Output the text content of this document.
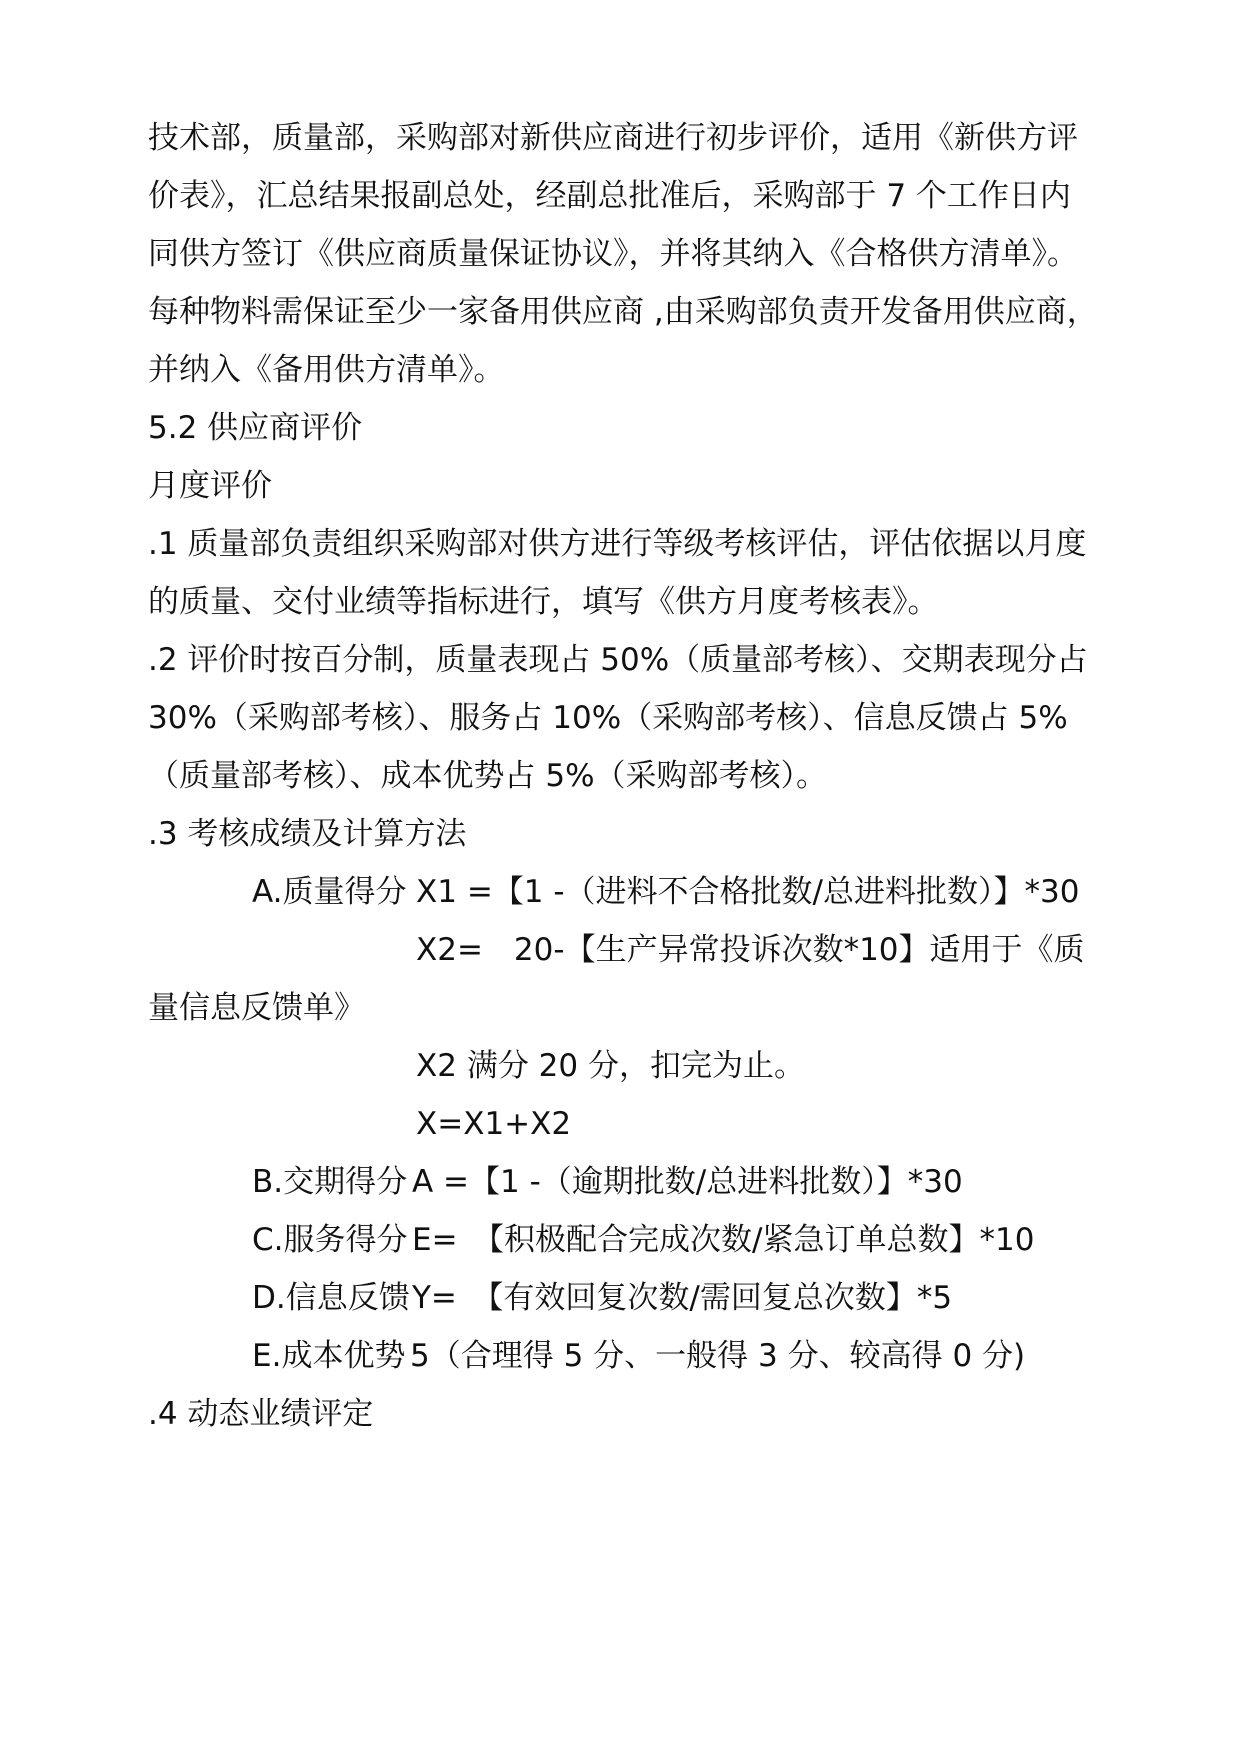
技术部，质量部，采购部对新供应商进行初步评价，适用《新供方评
价表》，汇总结果报副总处，经副总批准后，采购部于 7 个工作日内
同供方签订《供应商质量保证协议》，并将其纳入《合格供方清单》。
每种物料需保证至少一家备用供应商 ,由采购部负责开发备用供应商，
并纳入《备用供方清单》。
5.2 供应商评价
月度评价
.1 质量部负责组织采购部对供方进行等级考核评估，评估依据以月度
的质量、交付业绩等指标进行，填写《供方月度考核表》。
.2 评价时按百分制，质量表现占 50%（质量部考核）、交期表现分占
30%（采购部考核）、服务占 10%（采购部考核）、信息反馈占 5%
（质量部考核）、成本优势占 5%（采购部考核）。
.3 考核成绩及计算方法
A.质量得分 X1 =【1 -（进料不合格批数/总进料批数）】*30
X2=　20-【生产异常投诉次数*10】适用于《质
量信息反馈单》
X2 满分 20 分，扣完为止。
X=X1+X2
B.交期得分 A =【1 -（逾期批数/总进料批数）】*30
C.服务得分 E=　【积极配合完成次数/紧急订单总数】*10
D.信息反馈 Y=　【有效回复次数/需回复总次数】*5
E.成本优势 5（合理得 5 分、一般得 3 分、较高得 0 分)
.4 动态业绩评定
